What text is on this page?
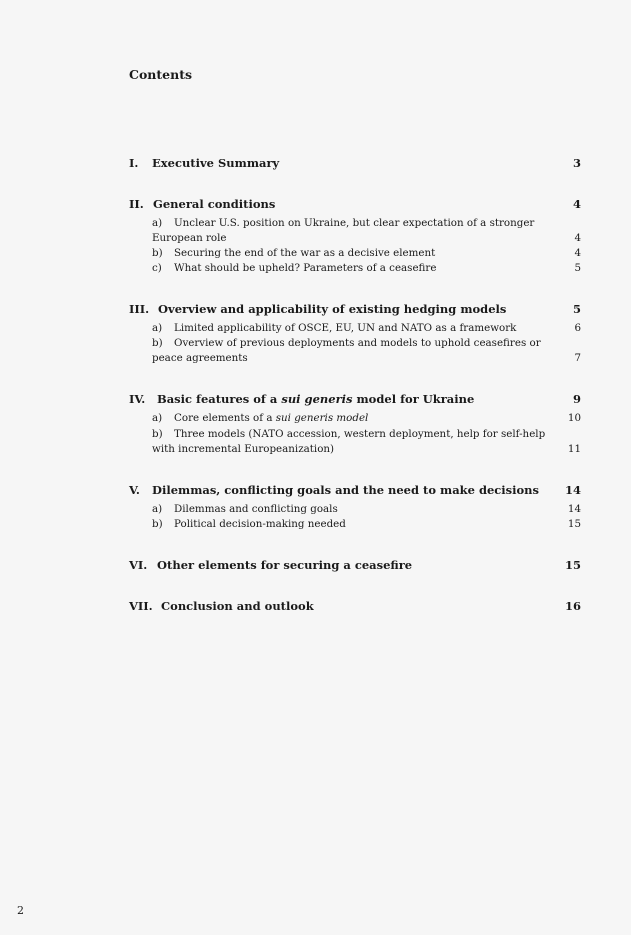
Contents
I. Executive Summary	3
II. General conditions	4
a) Unclear U.S. position on Ukraine, but clear expectation of a stronger European role	4
b) Securing the end of the war as a decisive element	4
c) What should be upheld? Parameters of a ceasefire	5
III. Overview and applicability of existing hedging models	5
a) Limited applicability of OSCE, EU, UN and NATO as a framework	6
b) Overview of previous deployments and models to uphold ceasefires or peace agreements	7
IV. Basic features of a sui generis model for Ukraine	9
a) Core elements of a sui generis model	10
b) Three models (NATO accession, western deployment, help for self-help with incremental Europeanization)	11
V. Dilemmas, conflicting goals and the need to make decisions 14
a) Dilemmas and conflicting goals	14
b) Political decision-making needed	15
VI. Other elements for securing a ceasefire	15
VII. Conclusion and outlook	16
2
